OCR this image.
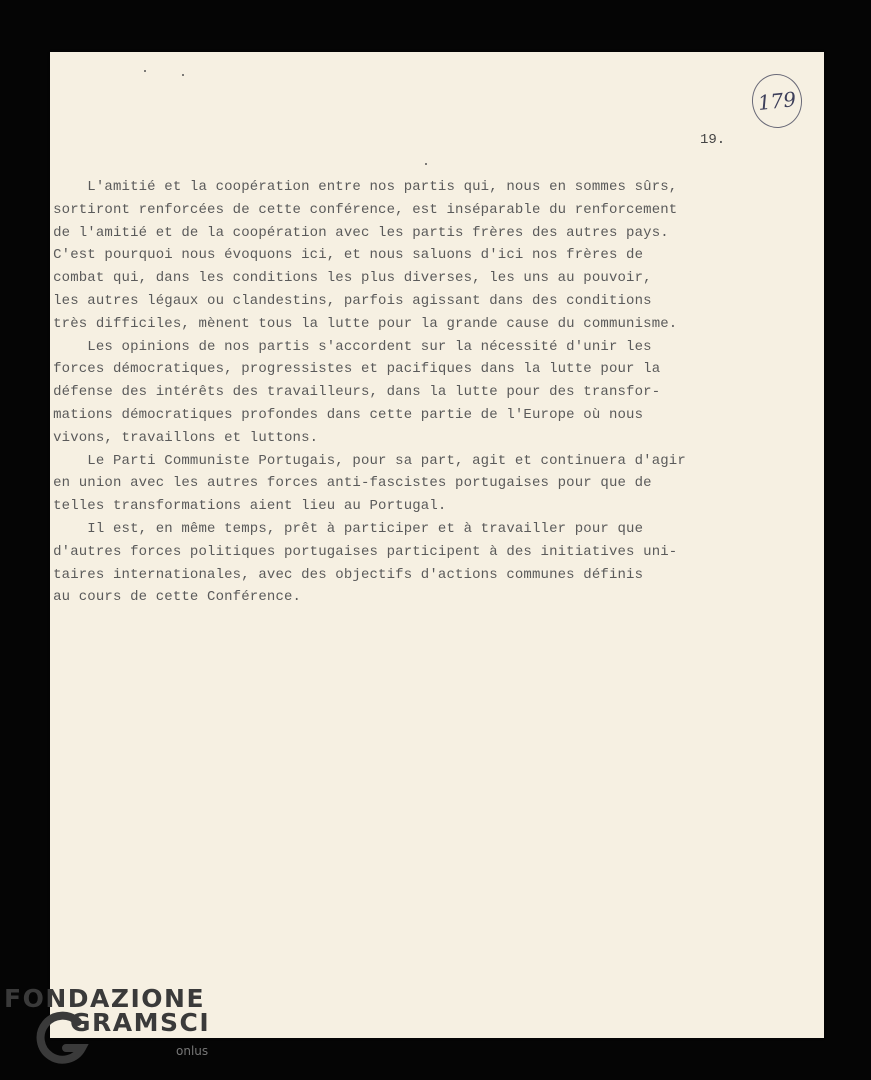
179
19.
L'amitié et la coopération entre nos partis qui, nous en sommes sûrs,
sortiront renforcées de cette conférence, est inséparable du renforcement
de l'amitié et de la coopération avec les partis frères des autres pays.
C'est pourquoi nous évoquons ici, et nous saluons d'ici nos frères de
combat qui, dans les conditions les plus diverses, les uns au pouvoir,
les autres légaux ou clandestins, parfois agissant dans des conditions
très difficiles, mènent tous la lutte pour la grande cause du communisme.
Les opinions de nos partis s'accordent sur la nécessité d'unir les
forces démocratiques, progressistes et pacifiques dans la lutte pour la
défense des intérêts des travailleurs, dans la lutte pour des transfor-
mations démocratiques profondes dans cette partie de l'Europe où nous
vivons, travaillons et luttons.
Le Parti Communiste Portugais, pour sa part, agit et continuera d'agir
en union avec les autres forces anti-fascistes portugaises pour que de
telles transformations aient lieu au Portugal.
Il est, en même temps, prêt à participer et à travailler pour que
d'autres forces politiques portugaises participent à des initiatives uni-
taires internationales, avec des objectifs d'actions communes définis
au cours de cette Conférence.
FONDAZIONE
GRAMSCI
onlus
